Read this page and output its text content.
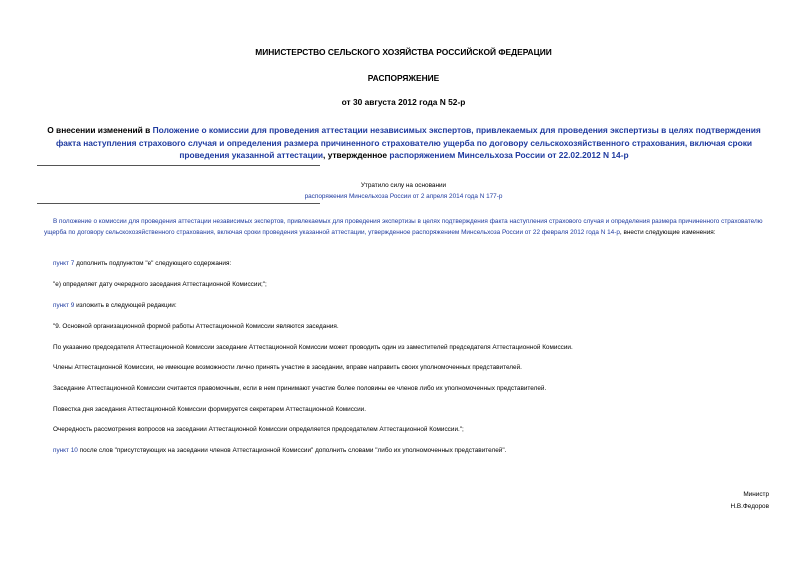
МИНИСТЕРСТВО СЕЛЬСКОГО ХОЗЯЙСТВА РОССИЙСКОЙ ФЕДЕРАЦИИ
РАСПОРЯЖЕНИЕ
от 30 августа 2012 года N 52-р
О внесении изменений в Положение о комиссии для проведения аттестации независимых экспертов, привлекаемых для проведения экспертизы в целях подтверждения факта наступления страхового случая и определения размера причиненного страхователю ущерба по договору сельскохозяйственного страхования, включая сроки проведения указанной аттестации, утвержденное распоряжением Минсельхоза России от 22.02.2012 N 14-р
Утратило силу на основании
распоряжения Минсельхоза России от 2 апреля 2014 года N 177-р
В положение о комиссии для проведения аттестации независимых экспертов, привлекаемых для проведения экспертизы в целях подтверждения факта наступления страхового случая и определения размера причиненного страхователю ущерба по договору сельскохозяйственного страхования, включая сроки проведения указанной аттестации, утвержденное распоряжением Минсельхоза России от 22 февраля 2012 года N 14-р, внести следующие изменения:
пункт 7 дополнить подпунктом "е" следующего содержания:
"е) определяет дату очередного заседания Аттестационной Комиссии;";
пункт 9 изложить в следующей редакции:
"9. Основной организационной формой работы Аттестационной Комиссии являются заседания.
По указанию председателя Аттестационной Комиссии заседание Аттестационной Комиссии может проводить один из заместителей председателя Аттестационной Комиссии.
Члены Аттестационной Комиссии, не имеющие возможности лично принять участие в заседании, вправе направить своих уполномоченных представителей.
Заседание Аттестационной Комиссии считается правомочным, если в нем принимают участие более половины ее членов либо их уполномоченных представителей.
Повестка дня заседания Аттестационной Комиссии формируется секретарем Аттестационной Комиссии.
Очередность рассмотрения вопросов на заседании Аттестационной Комиссии определяется председателем Аттестационной Комиссии.";
пункт 10 после слов "присутствующих на заседании членов Аттестационной Комиссии" дополнить словами "либо их уполномоченных представителей".
Министр
Н.В.Федоров
